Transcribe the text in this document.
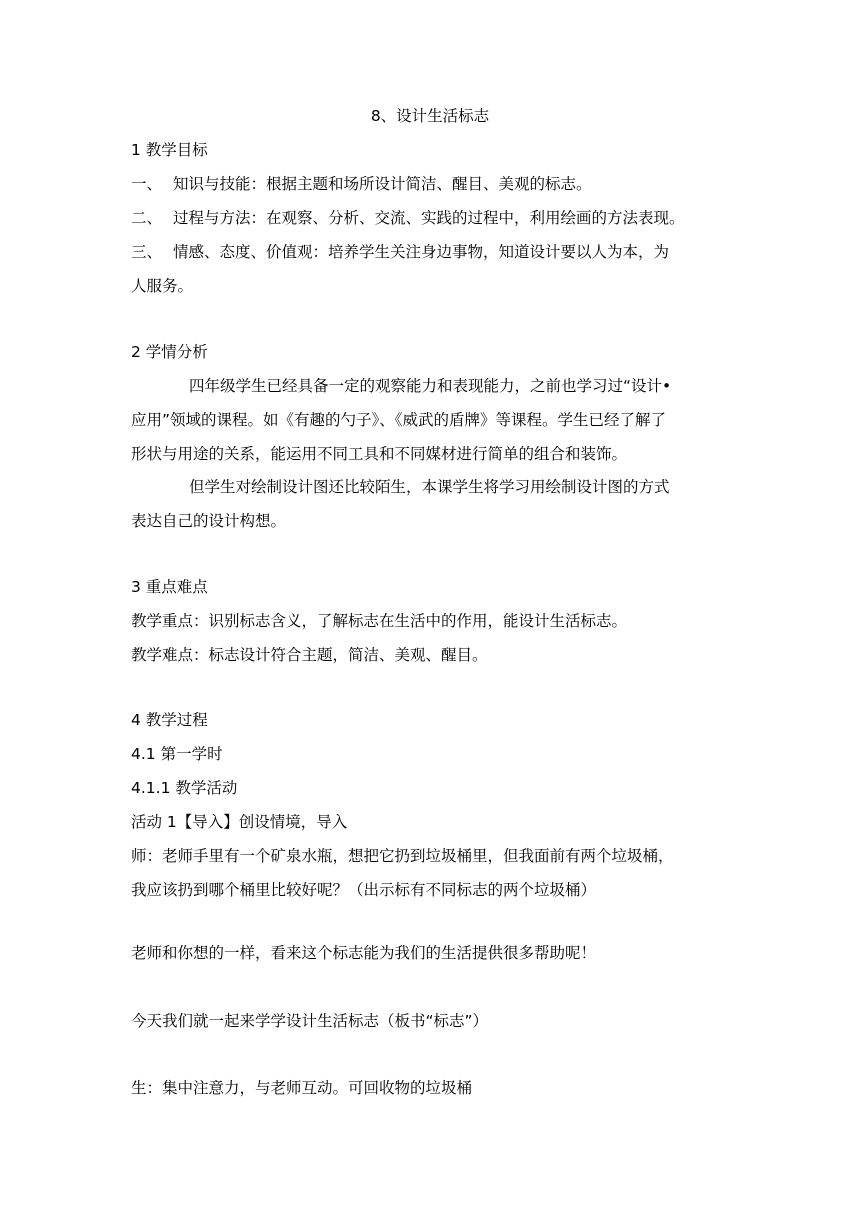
8、设计生活标志
1 教学目标
一、 知识与技能：根据主题和场所设计简洁、醒目、美观的标志。
二、 过程与方法：在观察、分析、交流、实践的过程中，利用绘画的方法表现。
三、 情感、态度、价值观：培养学生关注身边事物，知道设计要以人为本，为
人服务。
2 学情分析
四年级学生已经具备一定的观察能力和表现能力，之前也学习过“设计•
应用”领域的课程。如《有趣的勺子》、《威武的盾牌》等课程。学生已经了解了
形状与用途的关系，能运用不同工具和不同媒材进行简单的组合和装饰。
但学生对绘制设计图还比较陌生，本课学生将学习用绘制设计图的方式
表达自己的设计构想。
3 重点难点
教学重点：识别标志含义，了解标志在生活中的作用，能设计生活标志。
教学难点：标志设计符合主题，简洁、美观、醒目。
4 教学过程
4.1 第一学时
4.1.1 教学活动
活动 1【导入】创设情境，导入
师：老师手里有一个矿泉水瓶，想把它扔到垃圾桶里，但我面前有两个垃圾桶，
我应该扔到哪个桶里比较好呢？（出示标有不同标志的两个垃圾桶）
老师和你想的一样，看来这个标志能为我们的生活提供很多帮助呢！
今天我们就一起来学学设计生活标志（板书“标志”）
生：集中注意力，与老师互动。可回收物的垃圾桶
